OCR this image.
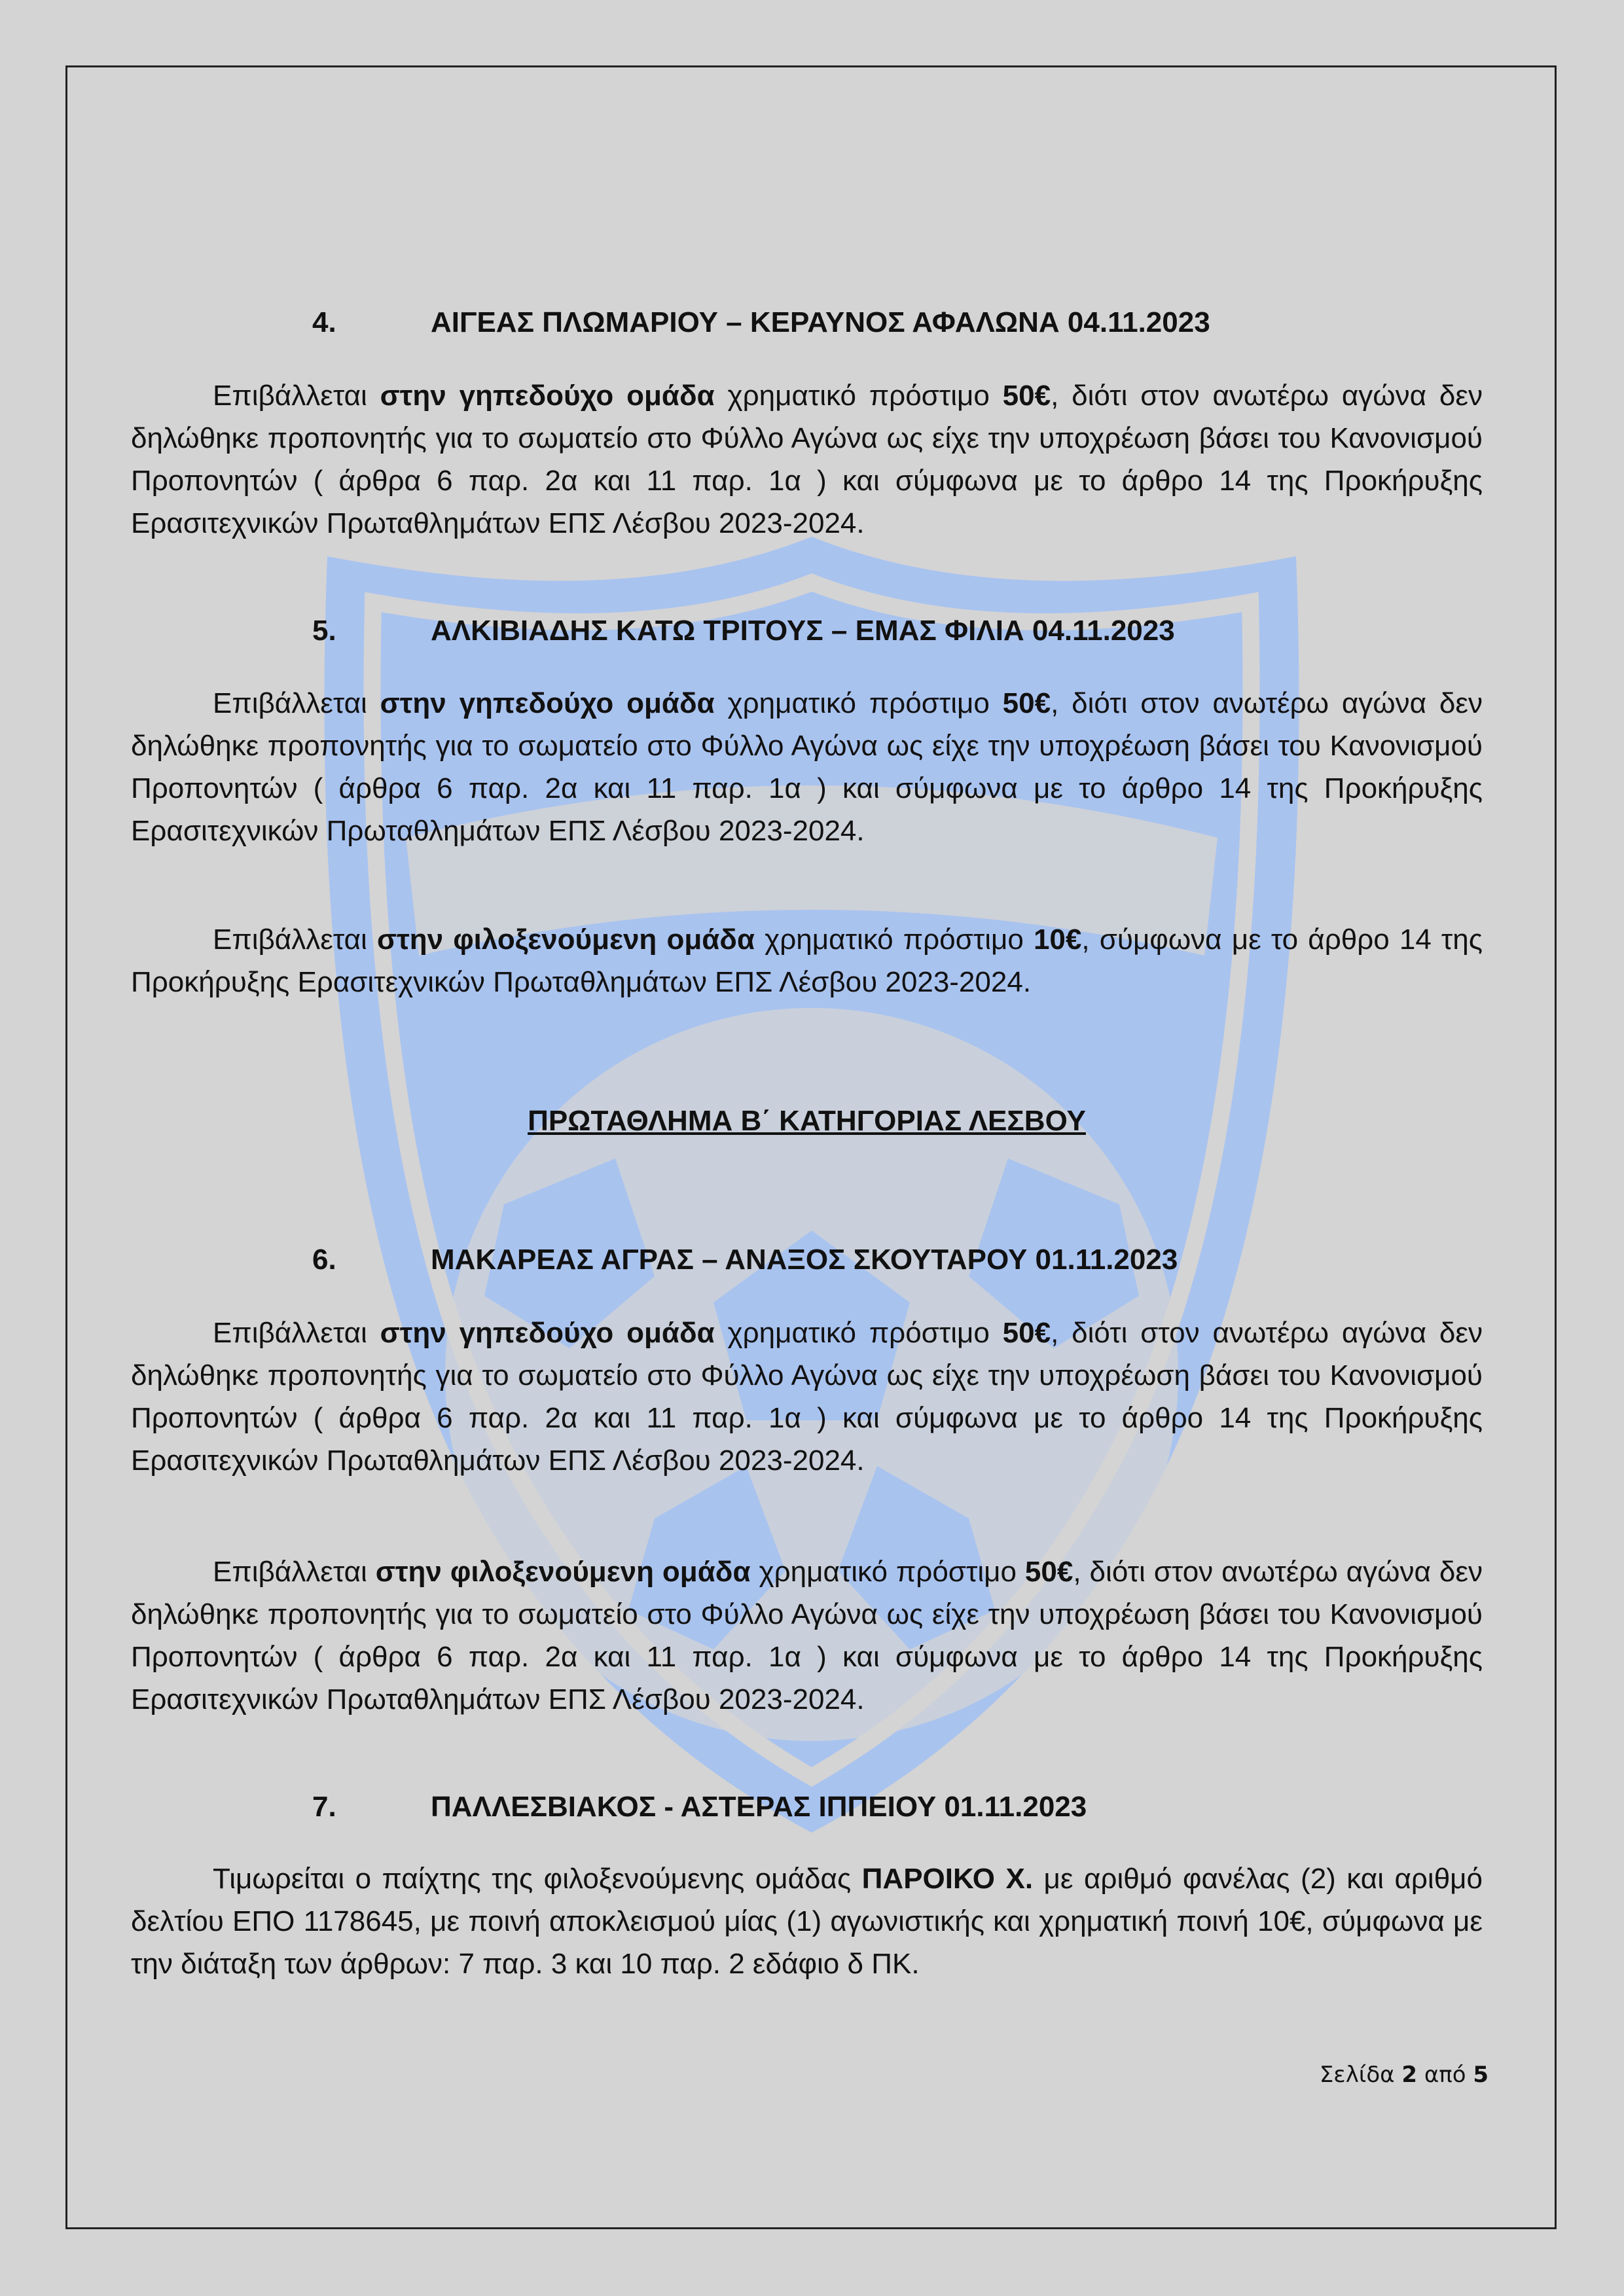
4.	ΑΙΓΕΑΣ ΠΛΩΜΑΡΙΟΥ – ΚΕΡΑΥΝΟΣ ΑΦΑΛΩΝΑ 04.11.2023
Επιβάλλεται στην γηπεδούχο ομάδα χρηματικό πρόστιμο 50€, διότι στον ανωτέρω αγώνα δεν δηλώθηκε προπονητής για το σωματείο στο Φύλλο Αγώνα ως είχε την υποχρέωση βάσει του Κανονισμού Προπονητών ( άρθρα 6 παρ. 2α και 11 παρ. 1α ) και σύμφωνα με το άρθρο 14 της Προκήρυξης Ερασιτεχνικών Πρωταθλημάτων ΕΠΣ Λέσβου 2023-2024.
5.	ΑΛΚΙΒΙΑΔΗΣ ΚΑΤΩ ΤΡΙΤΟΥΣ – ΕΜΑΣ ΦΙΛΙΑ 04.11.2023
Επιβάλλεται στην γηπεδούχο ομάδα χρηματικό πρόστιμο 50€, διότι στον ανωτέρω αγώνα δεν δηλώθηκε προπονητής για το σωματείο στο Φύλλο Αγώνα ως είχε την υποχρέωση βάσει του Κανονισμού Προπονητών ( άρθρα 6 παρ. 2α και 11 παρ. 1α ) και σύμφωνα με το άρθρο 14 της Προκήρυξης Ερασιτεχνικών Πρωταθλημάτων ΕΠΣ Λέσβου 2023-2024.
Επιβάλλεται στην φιλοξενούμενη ομάδα χρηματικό πρόστιμο 10€, σύμφωνα με το άρθρο 14 της Προκήρυξης Ερασιτεχνικών Πρωταθλημάτων ΕΠΣ Λέσβου 2023-2024.
ΠΡΩΤΑΘΛΗΜΑ Β΄ ΚΑΤΗΓΟΡΙΑΣ ΛΕΣΒΟΥ
6.	ΜΑΚΑΡΕΑΣ ΑΓΡΑΣ – ΑΝΑΞΟΣ ΣΚΟΥΤΑΡΟΥ 01.11.2023
Επιβάλλεται στην γηπεδούχο ομάδα χρηματικό πρόστιμο 50€, διότι στον ανωτέρω αγώνα δεν δηλώθηκε προπονητής για το σωματείο στο Φύλλο Αγώνα ως είχε την υποχρέωση βάσει του Κανονισμού Προπονητών ( άρθρα 6 παρ. 2α και 11 παρ. 1α ) και σύμφωνα με το άρθρο 14 της Προκήρυξης Ερασιτεχνικών Πρωταθλημάτων ΕΠΣ Λέσβου 2023-2024.
Επιβάλλεται στην φιλοξενούμενη ομάδα χρηματικό πρόστιμο 50€, διότι στον ανωτέρω αγώνα δεν δηλώθηκε προπονητής για το σωματείο στο Φύλλο Αγώνα ως είχε την υποχρέωση βάσει του Κανονισμού Προπονητών ( άρθρα 6 παρ. 2α και 11 παρ. 1α ) και σύμφωνα με το άρθρο 14 της Προκήρυξης Ερασιτεχνικών Πρωταθλημάτων ΕΠΣ Λέσβου 2023-2024.
7.	ΠΑΛΛΕΣΒΙΑΚΟΣ - ΑΣΤΕΡΑΣ ΙΠΠΕΙΟΥ 01.11.2023
Τιμωρείται ο παίχτης της φιλοξενούμενης ομάδας ΠΑΡΟΙΚΟ Χ. με αριθμό φανέλας (2) και αριθμό δελτίου ΕΠΟ 1178645, με ποινή αποκλεισμού μίας (1) αγωνιστικής και χρηματική ποινή 10€, σύμφωνα με την διάταξη των άρθρων: 7 παρ. 3 και 10 παρ. 2 εδάφιο δ ΠΚ.
Σελίδα 2 από 5
